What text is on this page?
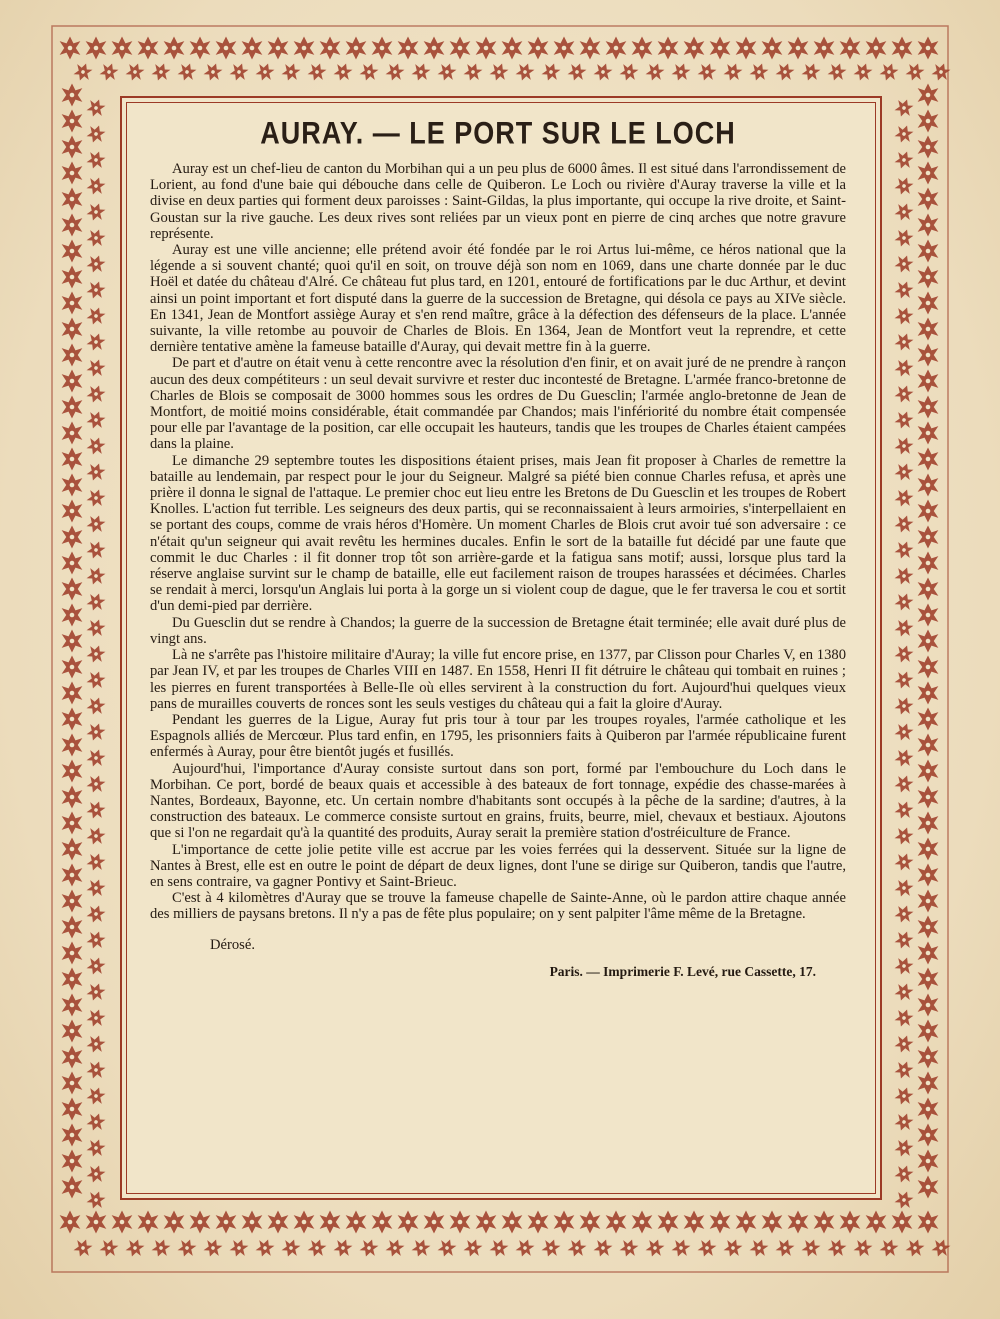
AURAY. — LE PORT SUR LE LOCH

Auray est un chef-lieu de canton du Morbihan qui a un peu plus de 6000 âmes. Il est situé dans l'arrondissement de Lorient, au fond d'une baie qui débouche dans celle de Quiberon. Le Loch ou rivière d'Auray traverse la ville et la divise en deux parties qui forment deux paroisses : Saint-Gildas, la plus importante, qui occupe la rive droite, et Saint-Goustan sur la rive gauche. Les deux rives sont reliées par un vieux pont en pierre de cinq arches que notre gravure représente.

Auray est une ville ancienne; elle prétend avoir été fondée par le roi Artus lui-même, ce héros national que la légende a si souvent chanté; quoi qu'il en soit, on trouve déjà son nom en 1069, dans une charte donnée par le duc Hoël et datée du château d'Alré. Ce château fut plus tard, en 1201, entouré de fortifications par le duc Arthur, et devint ainsi un point important et fort disputé dans la guerre de la succession de Bretagne, qui désola ce pays au XIVe siècle. En 1341, Jean de Montfort assiège Auray et s'en rend maître, grâce à la défection des défenseurs de la place. L'année suivante, la ville retombe au pouvoir de Charles de Blois. En 1364, Jean de Montfort veut la reprendre, et cette dernière tentative amène la fameuse bataille d'Auray, qui devait mettre fin à la guerre.

De part et d'autre on était venu à cette rencontre avec la résolution d'en finir, et on avait juré de ne prendre à rançon aucun des deux compétiteurs : un seul devait survivre et rester duc incontesté de Bretagne. L'armée franco-bretonne de Charles de Blois se composait de 3000 hommes sous les ordres de Du Guesclin; l'armée anglo-bretonne de Jean de Montfort, de moitié moins considérable, était commandée par Chandos; mais l'infériorité du nombre était compensée pour elle par l'avantage de la position, car elle occupait les hauteurs, tandis que les troupes de Charles étaient campées dans la plaine.

Le dimanche 29 septembre toutes les dispositions étaient prises, mais Jean fit proposer à Charles de remettre la bataille au lendemain, par respect pour le jour du Seigneur. Malgré sa piété bien connue Charles refusa, et après une prière il donna le signal de l'attaque. Le premier choc eut lieu entre les Bretons de Du Guesclin et les troupes de Robert Knolles. L'action fut terrible. Les seigneurs des deux partis, qui se reconnaissaient à leurs armoiries, s'interpellaient en se portant des coups, comme de vrais héros d'Homère. Un moment Charles de Blois crut avoir tué son adversaire : ce n'était qu'un seigneur qui avait revêtu les hermines ducales. Enfin le sort de la bataille fut décidé par une faute que commit le duc Charles : il fit donner trop tôt son arrière-garde et la fatigua sans motif; aussi, lorsque plus tard la réserve anglaise survint sur le champ de bataille, elle eut facilement raison de troupes harassées et décimées. Charles se rendait à merci, lorsqu'un Anglais lui porta à la gorge un si violent coup de dague, que le fer traversa le cou et sortit d'un demi-pied par derrière.

Du Guesclin dut se rendre à Chandos; la guerre de la succession de Bretagne était terminée; elle avait duré plus de vingt ans.

Là ne s'arrête pas l'histoire militaire d'Auray; la ville fut encore prise, en 1377, par Clisson pour Charles V, en 1380 par Jean IV, et par les troupes de Charles VIII en 1487. En 1558, Henri II fit détruire le château qui tombait en ruines ; les pierres en furent transportées à Belle-Ile où elles servirent à la construction du fort. Aujourd'hui quelques vieux pans de murailles couverts de ronces sont les seuls vestiges du château qui a fait la gloire d'Auray.

Pendant les guerres de la Ligue, Auray fut pris tour à tour par les troupes royales, l'armée catholique et les Espagnols alliés de Mercœur. Plus tard enfin, en 1795, les prisonniers faits à Quiberon par l'armée républicaine furent enfermés à Auray, pour être bientôt jugés et fusillés.

Aujourd'hui, l'importance d'Auray consiste surtout dans son port, formé par l'embouchure du Loch dans le Morbihan. Ce port, bordé de beaux quais et accessible à des bateaux de fort tonnage, expédie des chasse-marées à Nantes, Bordeaux, Bayonne, etc. Un certain nombre d'habitants sont occupés à la pêche de la sardine; d'autres, à la construction des bateaux. Le commerce consiste surtout en grains, fruits, beurre, miel, chevaux et bestiaux. Ajoutons que si l'on ne regardait qu'à la quantité des produits, Auray serait la première station d'ostréiculture de France.

L'importance de cette jolie petite ville est accrue par les voies ferrées qui la desservent. Située sur la ligne de Nantes à Brest, elle est en outre le point de départ de deux lignes, dont l'une se dirige sur Quiberon, tandis que l'autre, en sens contraire, va gagner Pontivy et Saint-Brieuc.

C'est à 4 kilomètres d'Auray que se trouve la fameuse chapelle de Sainte-Anne, où le pardon attire chaque année des milliers de paysans bretons. Il n'y a pas de fête plus populaire; on y sent palpiter l'âme même de la Bretagne.

Dérosé.
Paris. — Imprimerie F. Levé, rue Cassette, 17.
